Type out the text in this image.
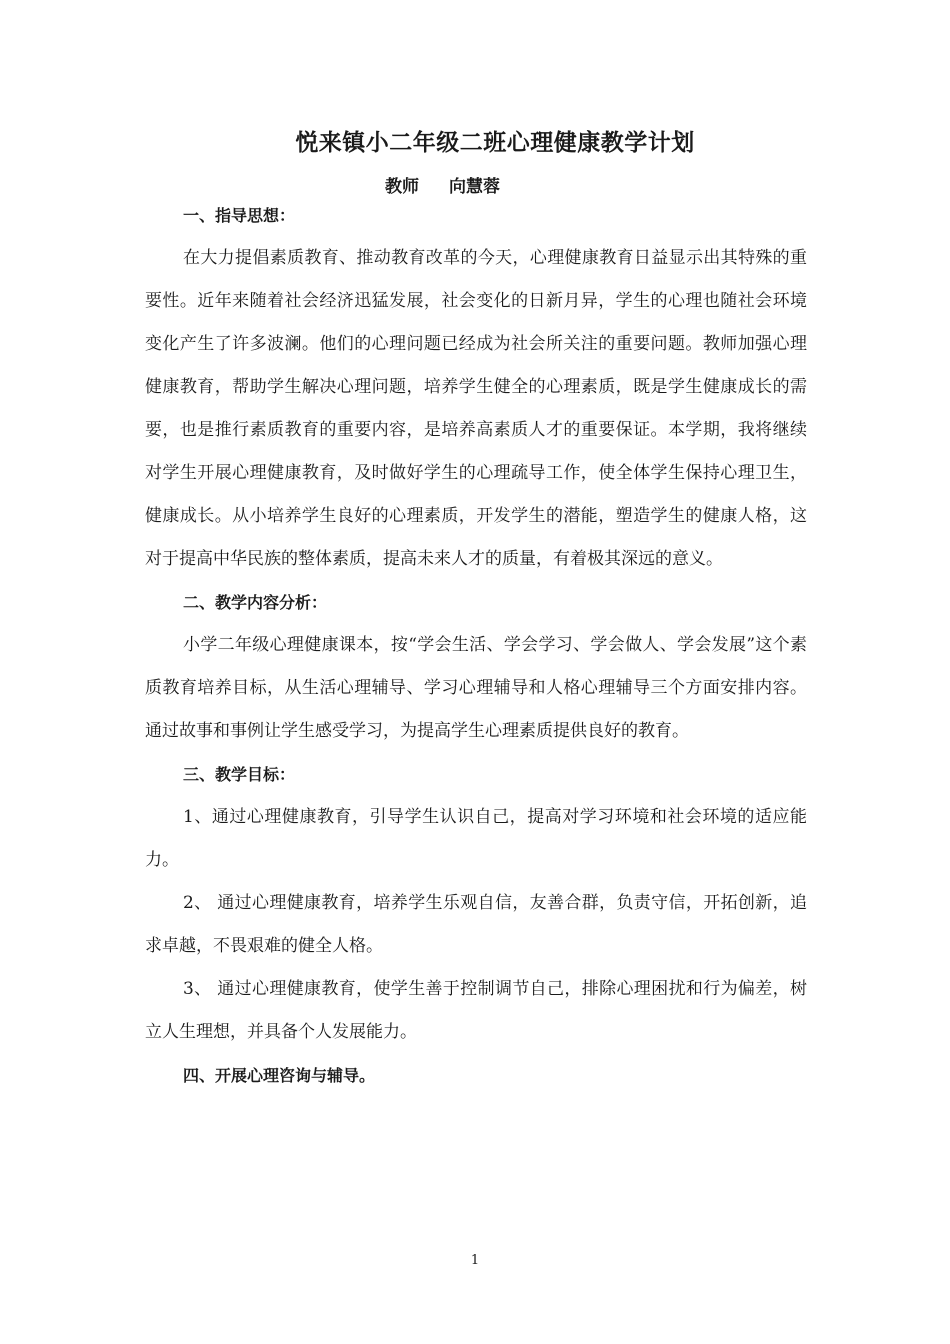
悦来镇小二年级二班心理健康教学计划
教师 向慧蓉

一、指导思想：

在大力提倡素质教育、推动教育改革的今天，心理健康教育日益显示出其特殊的重要性。近年来随着社会经济迅猛发展，社会变化的日新月异，学生的心理也随社会环境变化产生了许多波澜。他们的心理问题已经成为社会所关注的重要问题。教师加强心理健康教育，帮助学生解决心理问题，培养学生健全的心理素质，既是学生健康成长的需要，也是推行素质教育的重要内容，是培养高素质人才的重要保证。本学期，我将继续对学生开展心理健康教育，及时做好学生的心理疏导工作，使全体学生保持心理卫生，健康成长。从小培养学生良好的心理素质，开发学生的潜能，塑造学生的健康人格，这对于提高中华民族的整体素质，提高未来人才的质量，有着极其深远的意义。

二、教学内容分析：

小学二年级心理健康课本，按“学会生活、学会学习、学会做人、学会发展”这个素质教育培养目标，从生活心理辅导、学习心理辅导和人格心理辅导三个方面安排内容。通过故事和事例让学生感受学习，为提高学生心理素质提供良好的教育。

三、教学目标：

1、通过心理健康教育，引导学生认识自己，提高对学习环境和社会环境的适应能力。

2、 通过心理健康教育，培养学生乐观自信，友善合群，负责守信，开拓创新，追求卓越，不畏艰难的健全人格。

3、 通过心理健康教育，使学生善于控制调节自己，排除心理困扰和行为偏差，树立人生理想，并具备个人发展能力。

四、开展心理咨询与辅导。

1
